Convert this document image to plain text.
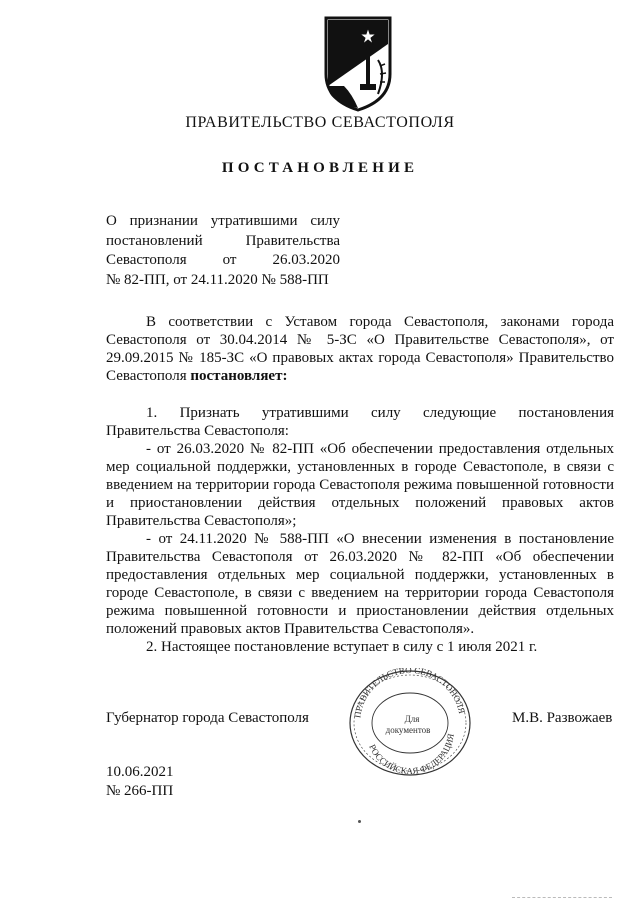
ПРАВИТЕЛЬСТВО СЕВАСТОПОЛЯ
ПОСТАНОВЛЕНИЕ
О признании утратившими силу
постановлений Правительства
Севастополя от 26.03.2020
№ 82-ПП, от 24.11.2020 № 588-ПП

В соответствии с Уставом города Севастополя, законами города Севастополя от 30.04.2014 № 5-ЗС «О Правительстве Севастополя», от 29.09.2015 № 185-ЗС «О правовых актах города Севастополя» Правительство Севастополя постановляет:

1. Признать утратившими силу следующие постановления Правительства Севастополя:

- от 26.03.2020 № 82-ПП «Об обеспечении предоставления отдельных мер социальной поддержки, установленных в городе Севастополе, в связи с введением на территории города Севастополя режима повышенной готовности и приостановлении действия отдельных положений правовых актов Правительства Севастополя»;

- от 24.11.2020 № 588-ПП «О внесении изменения в постановление Правительства Севастополя от 26.03.2020 № 82-ПП «Об обеспечении предоставления отдельных мер социальной поддержки, установленных в городе Севастополе, в связи с введением на территории города Севастополя режима повышенной готовности и приостановлении действия отдельных положений правовых актов Правительства Севастополя».

2. Настоящее постановление вступает в силу с 1 июля 2021 г.

Губернатор города Севастополя	ПРАВИТЕЛЬСТВО СЕВАСТОПОЛЯ
РОССИЙСКАЯ ФЕДЕРАЦИЯ
Для
документов
М.В. Развожаев
10.06.2021
№ 266-ПП
